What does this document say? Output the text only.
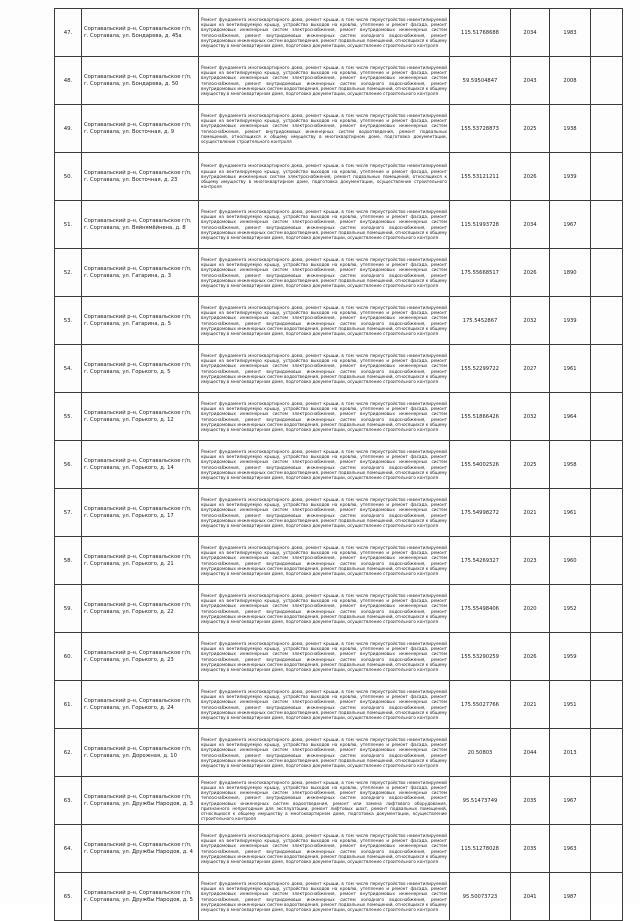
47.	Сортавальский р-н, Сортавальское г/п, г. Сортавала, ул. Бондарева, д. 45а	Ремонт фундамента многоквартирного дома, ремонт крыши, в том числе переустройство невентилируемой крыши на вентилируемую крышу, устройство выходов на кровлю, утепление и ремонт фасада, ремонт внутридомовых инженерных систем электроснабжения, ремонт внутридомовых инженерных систем теплоснабжения, ремонт внутридомовых инженерных систем холодного водоснабжения, ремонт внутридомовых инженерных систем водоотведения, ремонт подвальных помещений, относящихся к общему имуществу в многоквартирном доме, подготовка документации, осуществление строительного контроля	115.51768688	2034	1983	
48.	Сортавальский р-н, Сортавальское г/п, г. Сортавала, ул. Бондарева, д. 50	Ремонт фундамента многоквартирного дома, ремонт крыши, в том числе переустройство невентилируемой крыши на вентилируемую крышу, устройство выходов на кровлю, утепление и ремонт фасада, ремонт внутридомовых инженерных систем электроснабжения, ремонт внутридомовых инженерных систем теплоснабжения, ремонт внутридомовых инженерных систем холодного водоснабжения, ремонт внутридомовых инженерных систем водоотведения, ремонт подвальных помещений, относящихся к общему имуществу в многоквартирном доме, подготовка документации, осуществление строительного контроля	59.59504847	2043	2008	
49.	Сортавальский р-н, Сортавальское г/п, г. Сортавала, ул. Восточная, д. 9	Ремонт фундамента многоквартирного дома, ремонт крыши, в том числе переустройство невентилируемой крыши на вентилируемую крышу, устройство выходов на кровлю, утепление и ремонт фасада, ремонт внутридомовых инженерных систем электроснабжения, ремонт внутридомовых инженерных систем теплоснабжения, ремонт внутридомовых инженерных систем водоотведения, ремонт подвальных помещений, относящихся к общему имуществу в многоквартирном доме, подготовка документации, осуществление строительного контроля	155.53728873	2025	1938	
50.	Сортавальский р-н, Сортавальское г/п, г. Сортавала, ул. Восточная, д. 23	Ремонт фундамента многоквартирного дома, ремонт крыши, в том числе переустройство невентилируемой крыши на вентилируемую крышу, устройство выходов на кровлю, утепление и ремонт фасада, ремонт внутридомовых инженерных систем электроснабжения, ремонт подвальных помещений, относящихся к общему имуществу в многоквартирном доме, подготовка документации, осуществление строительного контроля	155.53121211	2026	1939	
51.	Сортавальский р-н, Сортавальское г/п, г. Сортавала, ул. Вяйнямёйнена, д. 8	Ремонт фундамента многоквартирного дома, ремонт крыши, в том числе переустройство невентилируемой крыши на вентилируемую крышу, устройство выходов на кровлю, утепление и ремонт фасада, ремонт внутридомовых инженерных систем электроснабжения, ремонт внутридомовых инженерных систем теплоснабжения, ремонт внутридомовых инженерных систем холодного водоснабжения, ремонт внутридомовых инженерных систем водоотведения, ремонт подвальных помещений, относящихся к общему имуществу в многоквартирном доме, подготовка документации, осуществление строительного контроля	115.51993728	2034	1967	
52.	Сортавальский р-н, Сортавальское г/п, г. Сортавала, ул. Гагарина, д. 3	Ремонт фундамента многоквартирного дома, ремонт крыши, в том числе переустройство невентилируемой крыши на вентилируемую крышу, устройство выходов на кровлю, утепление и ремонт фасада, ремонт внутридомовых инженерных систем электроснабжения, ремонт внутридомовых инженерных систем теплоснабжения, ремонт внутридомовых инженерных систем холодного водоснабжения, ремонт внутридомовых инженерных систем водоотведения, ремонт подвальных помещений, относящихся к общему имуществу в многоквартирном доме, подготовка документации, осуществление строительного контроля	175.55668517	2026	1890	
53.	Сортавальский р-н, Сортавальское г/п, г. Сортавала, ул. Гагарина, д. 5	Ремонт фундамента многоквартирного дома, ремонт крыши, в том числе переустройство невентилируемой крыши на вентилируемую крышу, устройство выходов на кровлю, утепление и ремонт фасада, ремонт внутридомовых инженерных систем электроснабжения, ремонт внутридомовых инженерных систем теплоснабжения, ремонт внутридомовых инженерных систем холодного водоснабжения, ремонт внутридомовых инженерных систем водоотведения, ремонт подвальных помещений, относящихся к общему имуществу в многоквартирном доме, подготовка документации, осуществление строительного контроля	175.5452867	2032	1939	
54.	Сортавальский р-н, Сортавальское г/п, г. Сортавала, ул. Горького, д. 5	Ремонт фундамента многоквартирного дома, ремонт крыши, в том числе переустройство невентилируемой крыши на вентилируемую крышу, устройство выходов на кровлю, утепление и ремонт фасада, ремонт внутридомовых инженерных систем электроснабжения, ремонт внутридомовых инженерных систем теплоснабжения, ремонт внутридомовых инженерных систем холодного водоснабжения, ремонт внутридомовых инженерных систем водоотведения, ремонт подвальных помещений, относящихся к общему имуществу в многоквартирном доме, подготовка документации, осуществление строительного контроля	155.52299722	2027	1961	
55.	Сортавальский р-н, Сортавальское г/п, г. Сортавала, ул. Горького, д. 12	Ремонт фундамента многоквартирного дома, ремонт крыши, в том числе переустройство невентилируемой крыши на вентилируемую крышу, устройство выходов на кровлю, утепление и ремонт фасада, ремонт внутридомовых инженерных систем электроснабжения, ремонт внутридомовых инженерных систем теплоснабжения, ремонт внутридомовых инженерных систем холодного водоснабжения, ремонт внутридомовых инженерных систем водоотведения, ремонт подвальных помещений, относящихся к общему имуществу в многоквартирном доме, подготовка документации, осуществление строительного контроля	155.51866426	2032	1964	
56.	Сортавальский р-н, Сортавальское г/п, г. Сортавала, ул. Горького, д. 14	Ремонт фундамента многоквартирного дома, ремонт крыши, в том числе переустройство невентилируемой крыши на вентилируемую крышу, устройство выходов на кровлю, утепление и ремонт фасада, ремонт внутридомовых инженерных систем электроснабжения, ремонт внутридомовых инженерных систем теплоснабжения, ремонт внутридомовых инженерных систем холодного водоснабжения, ремонт внутридомовых инженерных систем водоотведения, ремонт подвальных помещений, относящихся к общему имуществу в многоквартирном доме, подготовка документации, осуществление строительного контроля	155.54002526	2025	1958	
57.	Сортавальский р-н, Сортавальское г/п, г. Сортавала, ул. Горького, д. 17	Ремонт фундамента многоквартирного дома, ремонт крыши, в том числе переустройство невентилируемой крыши на вентилируемую крышу, устройство выходов на кровлю, утепление и ремонт фасада, ремонт внутридомовых инженерных систем электроснабжения, ремонт внутридомовых инженерных систем теплоснабжения, ремонт внутридомовых инженерных систем холодного водоснабжения, ремонт внутридомовых инженерных систем водоотведения, ремонт подвальных помещений, относящихся к общему имуществу в многоквартирном доме, подготовка документации, осуществление строительного контроля	175.54998272	2021	1961	
58.	Сортавальский р-н, Сортавальское г/п, г. Сортавала, ул. Горького, д. 21	Ремонт фундамента многоквартирного дома, ремонт крыши, в том числе переустройство невентилируемой крыши на вентилируемую крышу, устройство выходов на кровлю, утепление и ремонт фасада, ремонт внутридомовых инженерных систем электроснабжения, ремонт внутридомовых инженерных систем теплоснабжения, ремонт внутридомовых инженерных систем холодного водоснабжения, ремонт внутридомовых инженерных систем водоотведения, ремонт подвальных помещений, относящихся к общему имуществу в многоквартирном доме, подготовка документации, осуществление строительного контроля	175.54269327	2023	1960	
59.	Сортавальский р-н, Сортавальское г/п, г. Сортавала, ул. Горького, д. 22	Ремонт фундамента многоквартирного дома, ремонт крыши, в том числе переустройство невентилируемой крыши на вентилируемую крышу, устройство выходов на кровлю, утепление и ремонт фасада, ремонт внутридомовых инженерных систем электроснабжения, ремонт внутридомовых инженерных систем теплоснабжения, ремонт внутридомовых инженерных систем холодного водоснабжения, ремонт внутридомовых инженерных систем водоотведения, ремонт подвальных помещений, относящихся к общему имуществу в многоквартирном доме, подготовка документации, осуществление строительного контроля	175.55498406	2020	1952	
60.	Сортавальский р-н, Сортавальское г/п, г. Сортавала, ул. Горького, д. 23	Ремонт фундамента многоквартирного дома, ремонт крыши, в том числе переустройство невентилируемой крыши на вентилируемую крышу, устройство выходов на кровлю, утепление и ремонт фасада, ремонт внутридомовых инженерных систем электроснабжения, ремонт внутридомовых инженерных систем теплоснабжения, ремонт внутридомовых инженерных систем холодного водоснабжения, ремонт внутридомовых инженерных систем водоотведения, ремонт подвальных помещений, относящихся к общему имуществу в многоквартирном доме, подготовка документации, осуществление строительного контроля	155.53290259	2026	1959	
61.	Сортавальский р-н, Сортавальское г/п, г. Сортавала, ул. Горького, д. 24	Ремонт фундамента многоквартирного дома, ремонт крыши, в том числе переустройство невентилируемой крыши на вентилируемую крышу, устройство выходов на кровлю, утепление и ремонт фасада, ремонт внутридомовых инженерных систем электроснабжения, ремонт внутридомовых инженерных систем теплоснабжения, ремонт внутридомовых инженерных систем холодного водоснабжения, ремонт внутридомовых инженерных систем водоотведения, ремонт подвальных помещений, относящихся к общему имуществу в многоквартирном доме, подготовка документации, осуществление строительного контроля	175.55027766	2021	1951	
62.	Сортавальский р-н, Сортавальское г/п, г. Сортавала, ул. Дорожная, д. 10	Ремонт фундамента многоквартирного дома, ремонт крыши, в том числе переустройство невентилируемой крыши на вентилируемую крышу, устройство выходов на кровлю, утепление и ремонт фасада, ремонт внутридомовых инженерных систем электроснабжения, ремонт внутридомовых инженерных систем теплоснабжения, ремонт внутридомовых инженерных систем холодного водоснабжения, ремонт внутридомовых инженерных систем водоотведения, ремонт подвальных помещений, относящихся к общему имуществу в многоквартирном доме, подготовка документации, осуществление строительного контроля	20.50803	2044	2013	
63.	Сортавальский р-н, Сортавальское г/п, г. Сортавала, ул. Дружбы Народов, д. 3	Ремонт фундамента многоквартирного дома, ремонт крыши, в том числе переустройство невентилируемой крыши на вентилируемую крышу, устройство выходов на кровлю, утепление и ремонт фасада, ремонт внутридомовых инженерных систем электроснабжения, ремонт внутридомовых инженерных систем теплоснабжения, ремонт внутридомовых инженерных систем холодного водоснабжения, ремонт внутридомовых инженерных систем водоотведения, ремонт или замена лифтового оборудования, признанного непригодным для эксплуатации, ремонт лифтовых шахт, ремонт подвальных помещений, относящихся к общему имуществу в многоквартирном доме, подготовка документации, осуществление строительного контроля	95.51473749	2035	1967	
64.	Сортавальский р-н, Сортавальское г/п, г. Сортавала, ул. Дружбы Народов, д. 4	Ремонт фундамента многоквартирного дома, ремонт крыши, в том числе переустройство невентилируемой крыши на вентилируемую крышу, устройство выходов на кровлю, утепление и ремонт фасада, ремонт внутридомовых инженерных систем электроснабжения, ремонт внутридомовых инженерных систем теплоснабжения, ремонт внутридомовых инженерных систем холодного водоснабжения, ремонт внутридомовых инженерных систем водоотведения, ремонт подвальных помещений, относящихся к общему имуществу в многоквартирном доме, подготовка документации, осуществление строительного контроля	115.51278028	2035	1963	
65.	Сортавальский р-н, Сортавальское г/п, г. Сортавала, ул. Дружбы Народов, д. 5	Ремонт фундамента многоквартирного дома, ремонт крыши, в том числе переустройство невентилируемой крыши на вентилируемую крышу, устройство выходов на кровлю, утепление и ремонт фасада, ремонт внутридомовых инженерных систем электроснабжения, ремонт внутридомовых инженерных систем теплоснабжения, ремонт внутридомовых инженерных систем холодного водоснабжения, ремонт внутридомовых инженерных систем водоотведения, ремонт подвальных помещений, относящихся к общему имуществу в многоквартирном доме, подготовка документации, осуществление строительного контроля	95.50073723	2041	1987	
